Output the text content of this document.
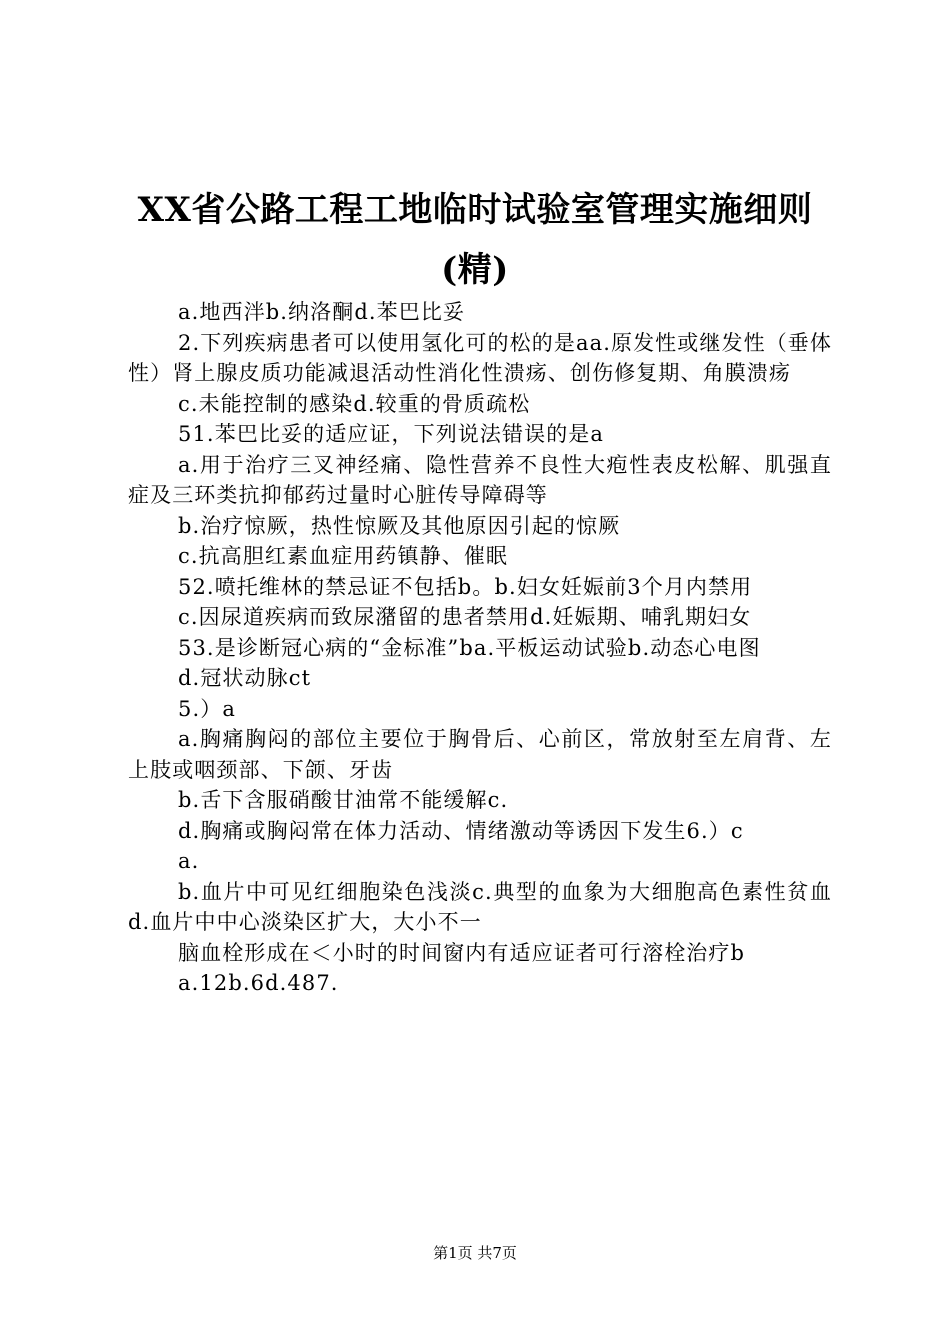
XX省公路工程工地临时试验室管理实施细则
(精)

a.地西泮b.纳洛酮d.苯巴比妥

2.下列疾病患者可以使用氢化可的松的是aa.原发性或继发性（垂体性）肾上腺皮质功能减退活动性消化性溃疡、创伤修复期、角膜溃疡

c.未能控制的感染d.较重的骨质疏松

51.苯巴比妥的适应证，下列说法错误的是a

a.用于治疗三叉神经痛、隐性营养不良性大疱性表皮松解、肌强直症及三环类抗抑郁药过量时心脏传导障碍等

b.治疗惊厥，热性惊厥及其他原因引起的惊厥

c.抗高胆红素血症用药镇静、催眠

52.喷托维林的禁忌证不包括b。b.妇女妊娠前3个月内禁用

c.因尿道疾病而致尿潴留的患者禁用d.妊娠期、哺乳期妇女

53.是诊断冠心病的“金标准”ba.平板运动试验b.动态心电图

d.冠状动脉ct

5.）a

a.胸痛胸闷的部位主要位于胸骨后、心前区，常放射至左肩背、左上肢或咽颈部、下颌、牙齿

b.舌下含服硝酸甘油常不能缓解c.

d.胸痛或胸闷常在体力活动、情绪激动等诱因下发生6.）c

a.

b.血片中可见红细胞染色浅淡c.典型的血象为大细胞高色素性贫血d.血片中中心淡染区扩大，大小不一

脑血栓形成在＜小时的时间窗内有适应证者可行溶栓治疗b

a.12b.6d.487.

第1页 共7页
